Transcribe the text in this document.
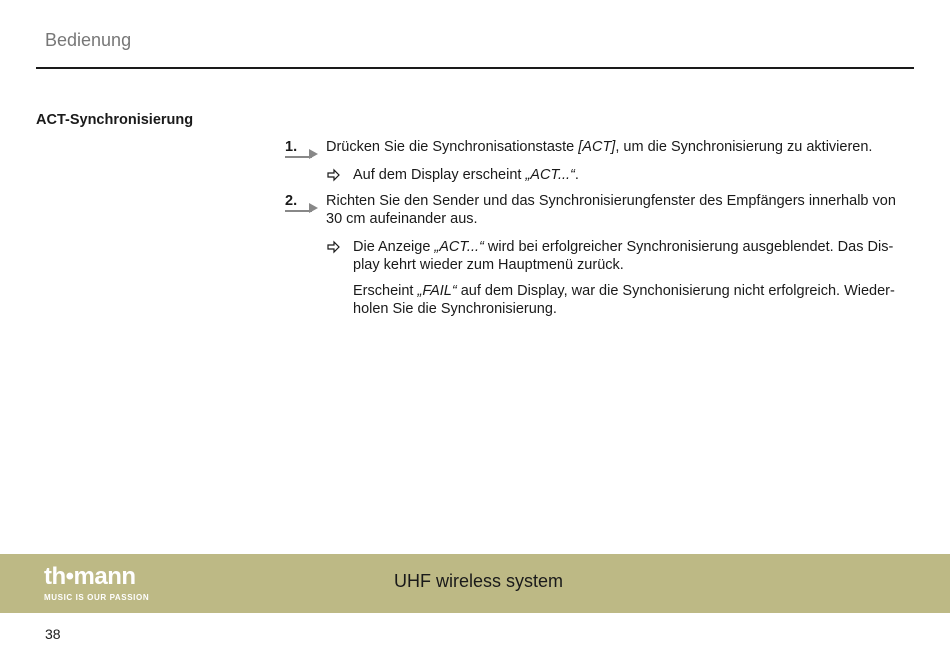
Bedienung
ACT-Synchronisierung
1.	Drücken Sie die Synchronisationstaste [ACT], um die Synchronisierung zu aktivieren.
Auf dem Display erscheint „ACT...“.
2.	Richten Sie den Sender und das Synchronisierungfenster des Empfängers innerhalb von 30 cm aufeinander aus.
Die Anzeige „ACT...“ wird bei erfolgreicher Synchronisierung ausgeblendet. Das Display kehrt wieder zum Hauptmenü zurück.
Erscheint „FAIL“ auf dem Display, war die Synchonisierung nicht erfolgreich. Wiederholen Sie die Synchronisierung.
th•mann
MUSIC IS OUR PASSION
UHF wireless system
38
